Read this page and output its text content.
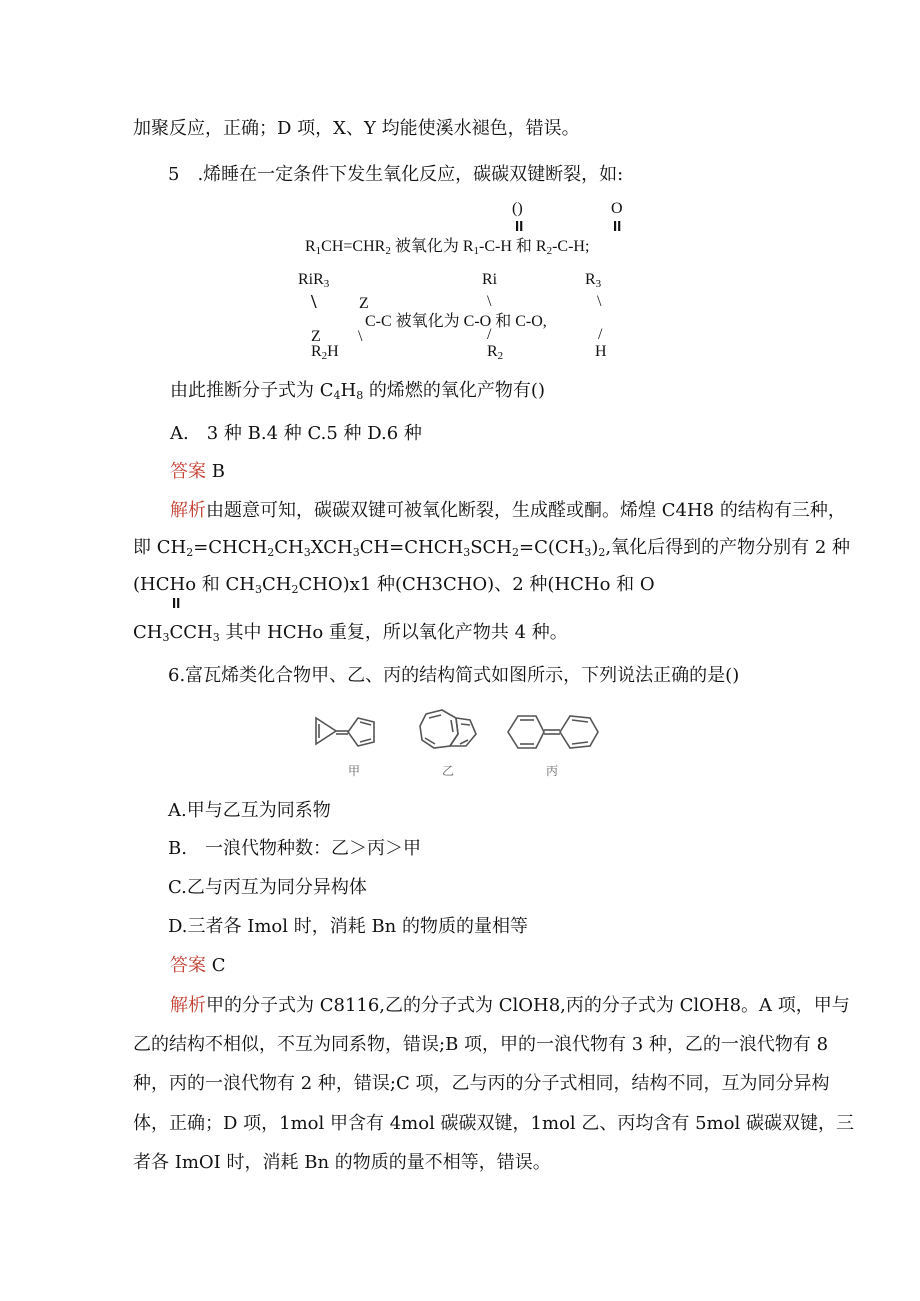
加聚反应，正确；D 项，X、Y 均能使溪水褪色，错误。
5　.烯睡在一定条件下发生氧化反应，碳碳双键断裂，如:
()	O
II	II
$R_1CH=CHR_2$ 被氧化为 $R_1-C-H$ 和 $R_2-C-H$;
RiR$_3$	Ri	$R_3$
\	Z	\	\
C-C 被氧化为 C-O 和 C-O,
Z \	/	/
$R_2H$	$R_2$	H
由此推断分子式为 $C_4H_8$ 的烯燃的氧化产物有()
A.　3 种 B.4 种 C.5 种 D.6 种
答案 B
解析由题意可知，碳碳双键可被氧化断裂，生成醛或酮。烯煌 C4H8 的结构有三种，
即 $CH_2=CHCH_2CH_3XCH_3CH=CHCH_3SCH_2=C(CH_3)_2$,氧化后得到的产物分别有 2 种
(HCHo 和 $CH_3CH_2CHO)x1$ 种(CH3CHO)、2 种(HCHo 和 O
II
$CH_3CCH_3$ 其中 HCHo 重复，所以氧化产物共 4 种。
6.富瓦烯类化合物甲、乙、丙的结构简式如图所示，下列说法正确的是()
甲	乙	丙
A.甲与乙互为同系物
B.　一浪代物种数：乙＞丙＞甲
C.乙与丙互为同分异构体
D.三者各 Imol 时，消耗 Bn 的物质的量相等
答案 C
解析甲的分子式为 C8116,乙的分子式为 ClOH8,丙的分子式为 ClOH8。A 项，甲与
乙的结构不相似，不互为同系物，错误;B 项，甲的一浪代物有 3 种，乙的一浪代物有 8
种，丙的一浪代物有 2 种，错误;C 项，乙与丙的分子式相同，结构不同，互为同分异构
体，正确；D 项，1mol 甲含有 4mol 碳碳双键，1mol 乙、丙均含有 5mol 碳碳双键，三
者各 ImOI 时，消耗 Bn 的物质的量不相等，错误。
